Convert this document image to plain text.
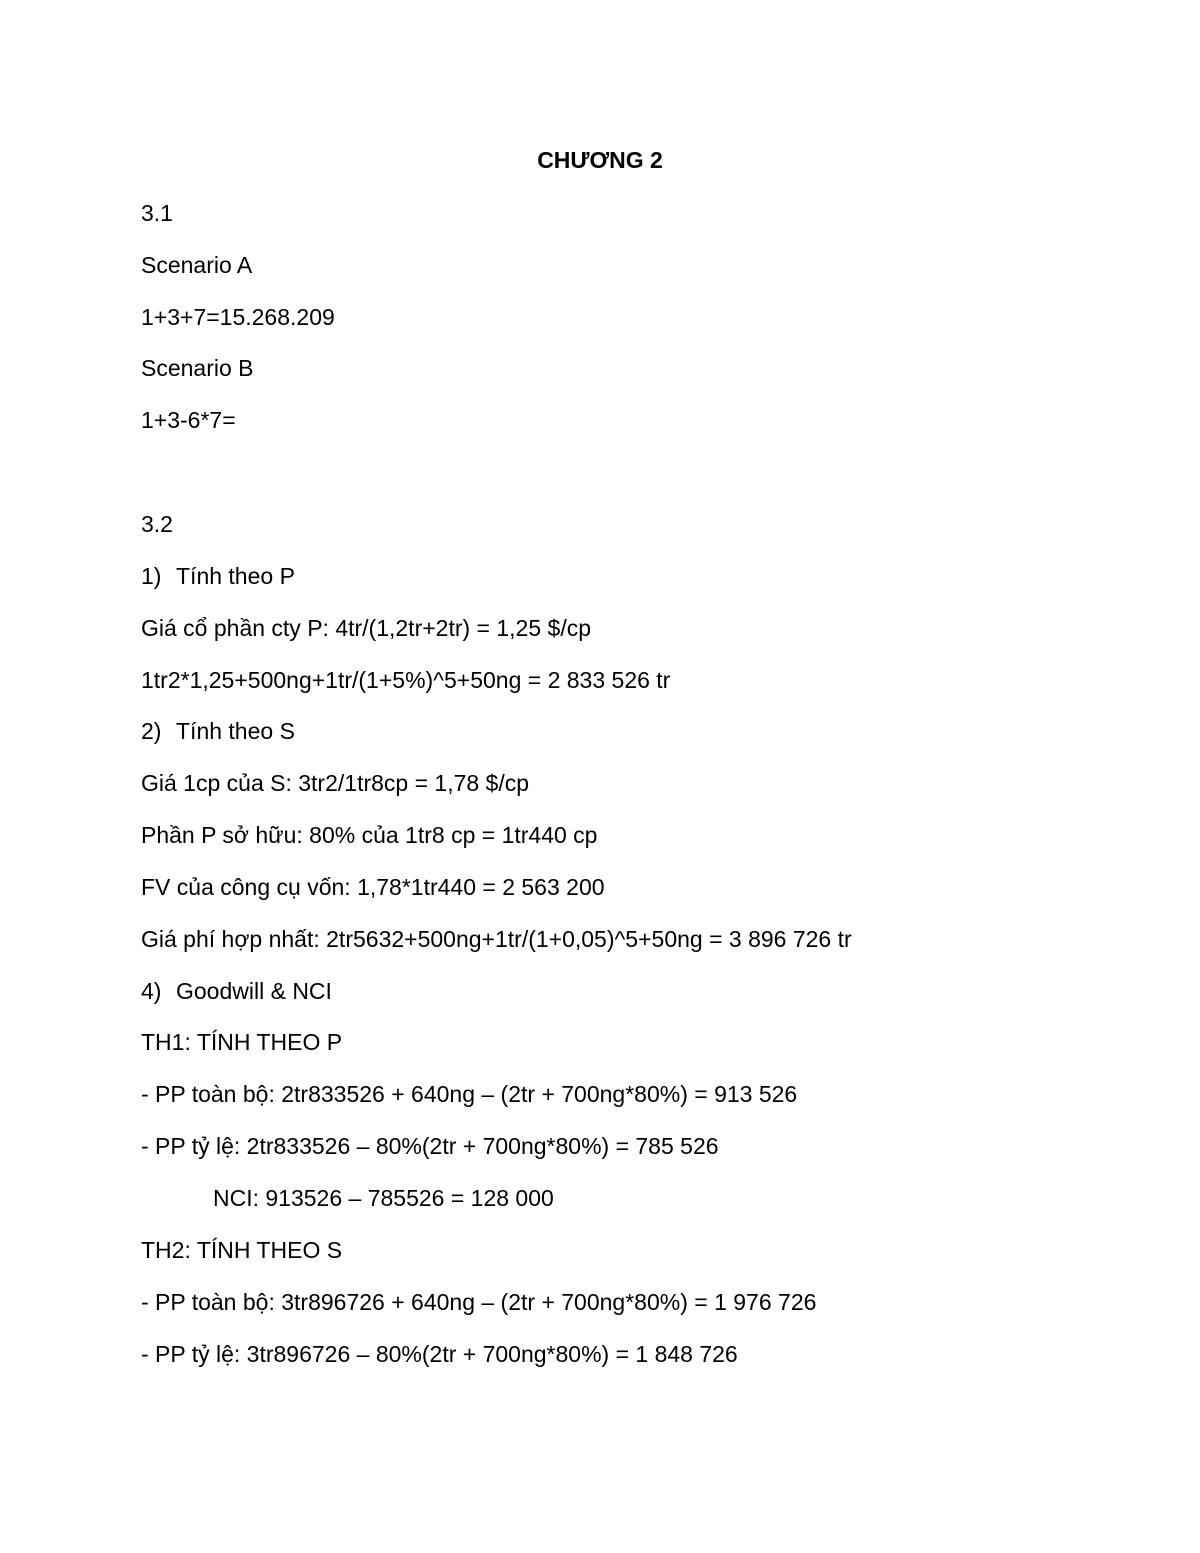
CHƯƠNG 2
3.1
Scenario A
1+3+7=15.268.209
Scenario B
1+3-6*7=
3.2
1) Tính theo P
Giá cổ phần cty P: 4tr/(1,2tr+2tr) = 1,25 $/cp
1tr2*1,25+500ng+1tr/(1+5%)^5+50ng = 2 833 526 tr
2) Tính theo S
Giá 1cp của S: 3tr2/1tr8cp = 1,78 $/cp
Phần P sở hữu: 80% của 1tr8 cp = 1tr440 cp
FV của công cụ vốn: 1,78*1tr440 = 2 563 200
Giá phí hợp nhất: 2tr5632+500ng+1tr/(1+0,05)^5+50ng = 3 896 726 tr
4) Goodwill & NCI
TH1: TÍNH THEO P
- PP toàn bộ: 2tr833526 + 640ng – (2tr + 700ng*80%) = 913 526
- PP tỷ lệ: 2tr833526 – 80%(2tr + 700ng*80%) = 785 526
NCI: 913526 – 785526 = 128 000
TH2: TÍNH THEO S
- PP toàn bộ: 3tr896726 + 640ng – (2tr + 700ng*80%) = 1 976 726
- PP tỷ lệ: 3tr896726 – 80%(2tr + 700ng*80%) = 1 848 726
